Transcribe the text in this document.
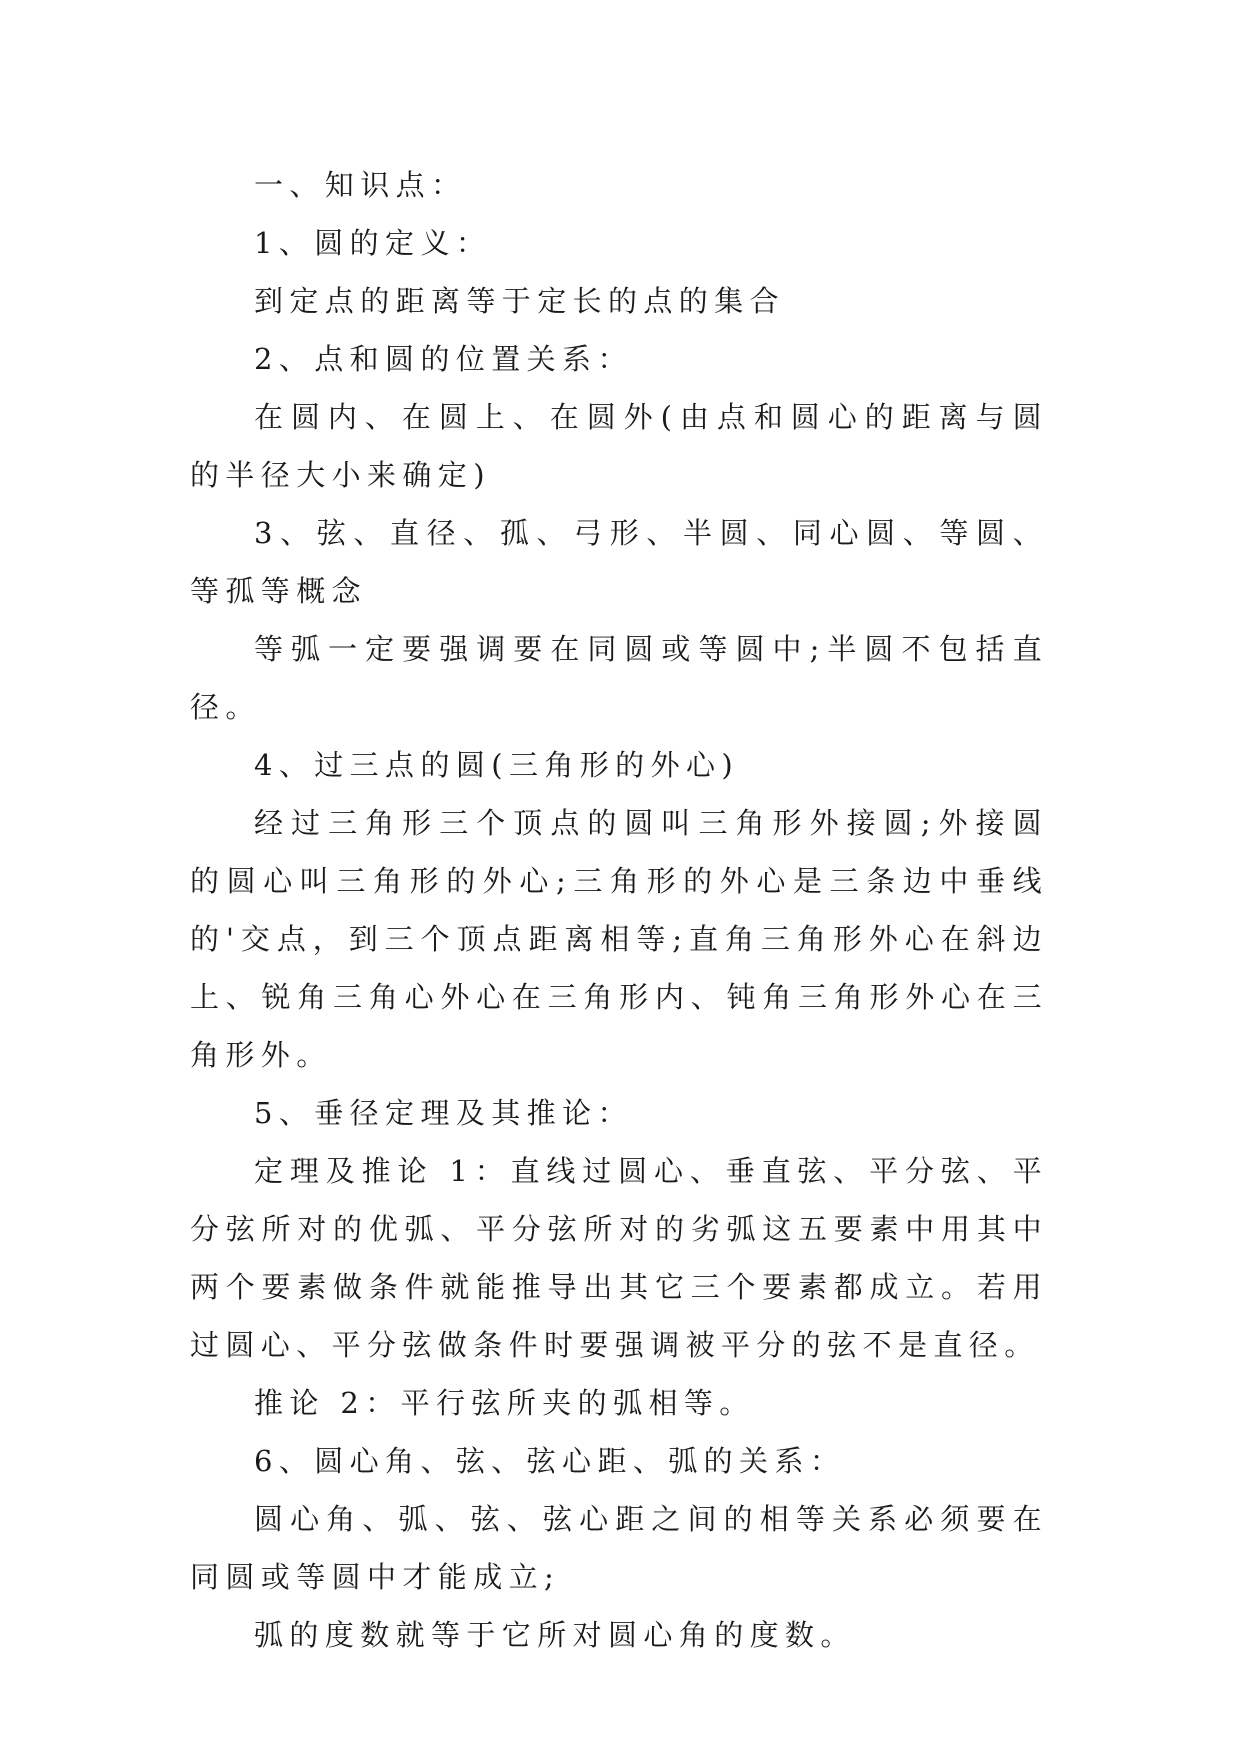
一、知识点：

1、圆的定义：

到定点的距离等于定长的点的集合

2、点和圆的位置关系：

在圆内、在圆上、在圆外(由点和圆心的距离与圆的半径大小来确定)

3、弦、直径、孤、弓形、半圆、同心圆、等圆、等孤等概念

等弧一定要强调要在同圆或等圆中;半圆不包括直径。

4、过三点的圆(三角形的外心)

经过三角形三个顶点的圆叫三角形外接圆;外接圆的圆心叫三角形的外心;三角形的外心是三条边中垂线的'交点，到三个顶点距离相等;直角三角形外心在斜边上、锐角三角心外心在三角形内、钝角三角形外心在三角形外。

5、垂径定理及其推论：

定理及推论 1：直线过圆心、垂直弦、平分弦、平分弦所对的优弧、平分弦所对的劣弧这五要素中用其中两个要素做条件就能推导出其它三个要素都成立。若用过圆心、平分弦做条件时要强调被平分的弦不是直径。

推论 2：平行弦所夹的弧相等。

6、圆心角、弦、弦心距、弧的关系：

圆心角、弧、弦、弦心距之间的相等关系必须要在同圆或等圆中才能成立;

弧的度数就等于它所对圆心角的度数。
